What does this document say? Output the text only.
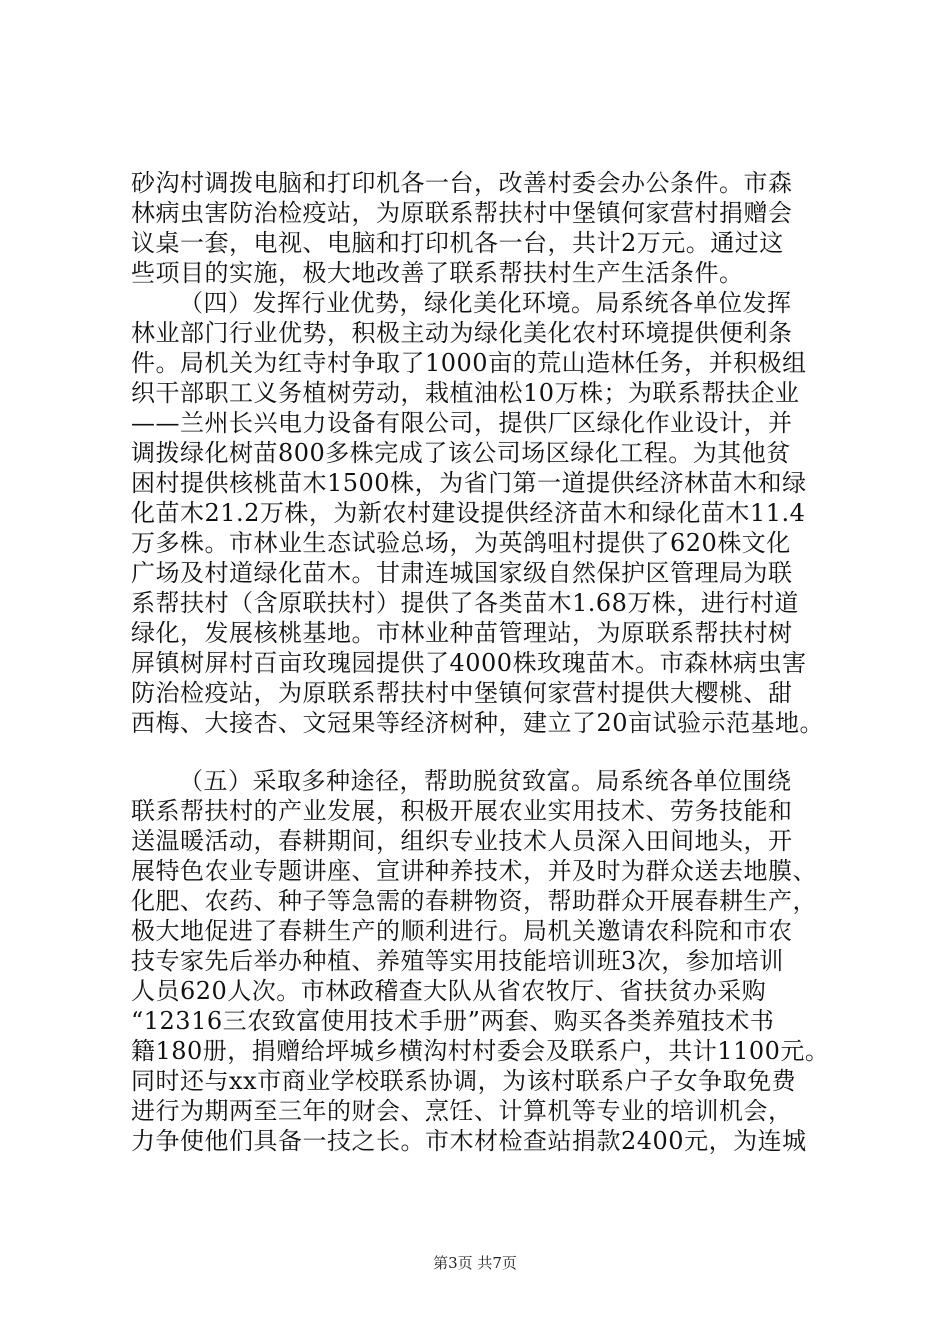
砂沟村调拨电脑和打印机各一台，改善村委会办公条件。市森
林病虫害防治检疫站，为原联系帮扶村中堡镇何家营村捐赠会
议桌一套，电视、电脑和打印机各一台，共计2万元。通过这
些项目的实施，极大地改善了联系帮扶村生产生活条件。
（四）发挥行业优势，绿化美化环境。局系统各单位发挥
林业部门行业优势，积极主动为绿化美化农村环境提供便利条
件。局机关为红寺村争取了1000亩的荒山造林任务，并积极组
织干部职工义务植树劳动，栽植油松10万株；为联系帮扶企业
——兰州长兴电力设备有限公司，提供厂区绿化作业设计，并
调拨绿化树苗800多株完成了该公司场区绿化工程。为其他贫
困村提供核桃苗木1500株，为省门第一道提供经济林苗木和绿
化苗木21.2万株，为新农村建设提供经济苗木和绿化苗木11.4
万多株。市林业生态试验总场，为英鸽咀村提供了620株文化
广场及村道绿化苗木。甘肃连城国家级自然保护区管理局为联
系帮扶村（含原联扶村）提供了各类苗木1.68万株，进行村道
绿化，发展核桃基地。市林业种苗管理站，为原联系帮扶村树
屏镇树屏村百亩玫瑰园提供了4000株玫瑰苗木。市森林病虫害
防治检疫站，为原联系帮扶村中堡镇何家营村提供大樱桃、甜
西梅、大接杏、文冠果等经济树种，建立了20亩试验示范基地。
（五）采取多种途径，帮助脱贫致富。局系统各单位围绕
联系帮扶村的产业发展，积极开展农业实用技术、劳务技能和
送温暖活动，春耕期间，组织专业技术人员深入田间地头，开
展特色农业专题讲座、宣讲种养技术，并及时为群众送去地膜、
化肥、农药、种子等急需的春耕物资，帮助群众开展春耕生产，
极大地促进了春耕生产的顺利进行。局机关邀请农科院和市农
技专家先后举办种植、养殖等实用技能培训班3次，参加培训
人员620人次。市林政稽查大队从省农牧厅、省扶贫办采购
“12316三农致富使用技术手册”两套、购买各类养殖技术书
籍180册，捐赠给坪城乡横沟村村委会及联系户，共计1100元。
同时还与xx市商业学校联系协调，为该村联系户子女争取免费
进行为期两至三年的财会、烹饪、计算机等专业的培训机会，
力争使他们具备一技之长。市木材检查站捐款2400元，为连城
第3页 共7页
